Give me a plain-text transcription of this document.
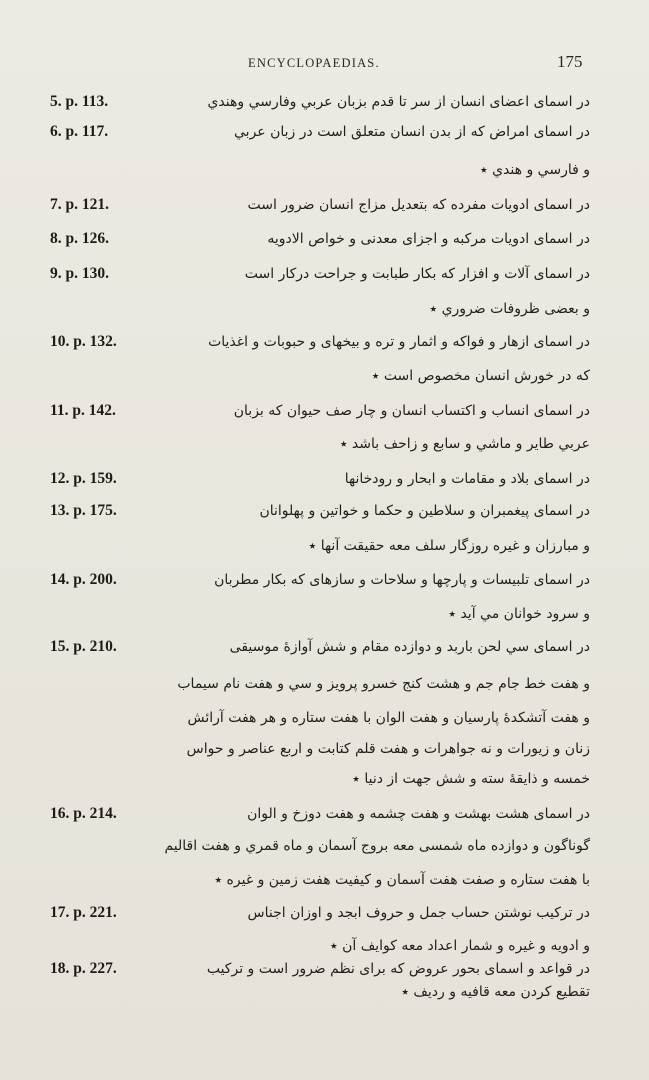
ENCYCLOPAEDIAS.	175
5. p. 113.	در اسمای اعضای انسان از سر تا قدم بزبان عربي وفارسي وهندي
6. p. 117.	در اسمای امراض که از بدن انسان متعلق است در زبان عربي
و فارسي و هندي ٭
7. p. 121.	در اسمای ادویات مفرده که بتعدیل مزاج انسان ضرور است
8. p. 126.	در اسمای ادویات مرکبه و اجزای معدنی و خواص الادویه
9. p. 130.	در اسمای آلات و افزار که بکار طبابت و جراحت درکار است
و بعضی ظروفات ضروري ٭
10. p. 132.	در اسمای ازهار و فواکه و اثمار و تره و بیخهای و حبوبات و اغذیات
که در خورش انسان مخصوص است ٭
11. p. 142.	در اسمای انساب و اکتساب انسان و چار صف حیوان که بزبان
عربي طایر و ماشي و سابع و زاحف باشد ٭
12. p. 159.	در اسمای بلاد و مقامات و ابحار و رودخانها
13. p. 175.	در اسمای پیغمبران و سلاطین و حکما و خواتین و پهلوانان
و مبارزان و غیره روزگار سلف معه حقیقت آنها ٭
14. p. 200.	در اسمای تلبیسات و پارچها و سلاحات و سازهای که بکار مطربان
و سرود خوانان مي آید ٭
15. p. 210.	در اسمای سي لحن باربد و دوازده مقام و شش آوازهٔ موسیقی
و هفت خط جام جم و هشت کنج خسرو پرویز و سي و هفت نام سیماب
و هفت آتشکدهٔ پارسیان و هفت الوان با هفت ستاره و هر هفت آرائش
زنان و زیورات و نه جواهرات و هفت قلم کتابت و اربع عناصر و حواس
خمسه و ذایقهٔ سته و شش جهت از دنیا ٭
16. p. 214.	در اسمای هشت بهشت و هفت چشمه و هفت دوزخ و الوان
گوناگون و دوازده ماه شمسی معه بروج آسمان و ماه قمري و هفت اقالیم
با هفت ستاره و صفت هفت آسمان و کیفیت هفت زمین و غیره ٭
17. p. 221.	در ترکیب نوشتن حساب جمل و حروف ابجد و اوزان اجناس
و ادویه و غیره و شمار اعداد معه کوایف آن ٭
18. p. 227.	در قواعد و اسمای بحور عروض که برای نظم ضرور است و ترکیب
تقطیع کردن معه قافیه و ردیف ٭
